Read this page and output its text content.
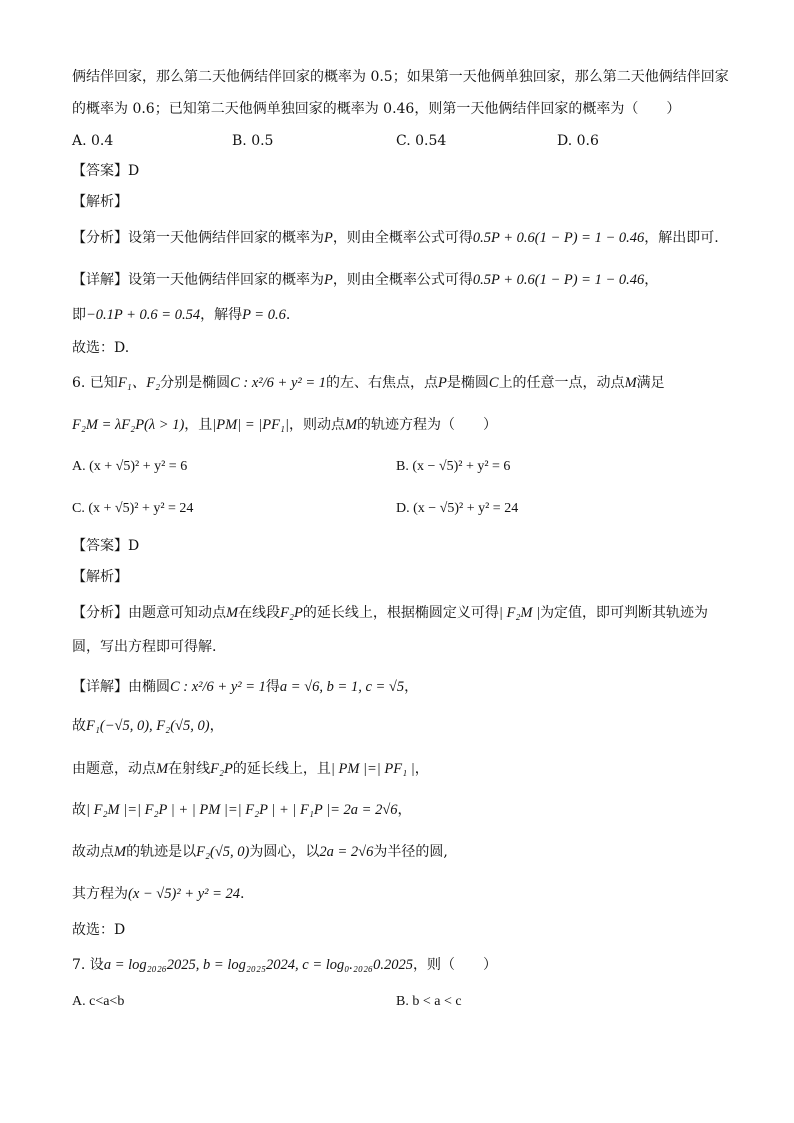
俩结伴回家，那么第二天他俩结伴回家的概率为 0.5；如果第一天他俩单独回家，那么第二天他俩结伴回家
的概率为 0.6；已知第二天他俩单独回家的概率为 0.46，则第一天他俩结伴回家的概率为（　　）
A. 0.4	B. 0.5	C. 0.54	D. 0.6
【答案】D
【解析】
【分析】设第一天他俩结伴回家的概率为P，则由全概率公式可得0.5P + 0.6(1 − P) = 1 − 0.46，解出即可.
【详解】设第一天他俩结伴回家的概率为P，则由全概率公式可得0.5P + 0.6(1 − P) = 1 − 0.46，
即−0.1P + 0.6 = 0.54，解得P = 0.6.
故选：D.
6. 已知F₁、F₂分别是椭圆C : x²/6 + y² = 1的左、右焦点，点P是椭圆C上的任意一点，动点M满足
F₂M = λF₂P(λ > 1)，且|PM| = |PF₁|，则动点M的轨迹方程为（　　）
A. (x + √5)² + y² = 6	B. (x − √5)² + y² = 6
C. (x + √5)² + y² = 24	D. (x − √5)² + y² = 24
【答案】D
【解析】
【分析】由题意可知动点M在线段F₂P的延长线上，根据椭圆定义可得| F₂M |为定值，即可判断其轨迹为
圆，写出方程即可得解.
【详解】由椭圆C : x²/6 + y² = 1得a = √6, b = 1, c = √5，
故F₁(−√5, 0), F₂(√5, 0)，
由题意，动点M在射线F₂P的延长线上，且| PM |=| PF₁ |，
故| F₂M |=| F₂P | + | PM |=| F₂P | + | F₁P |= 2a = 2√6，
故动点M的轨迹是以F₂(√5, 0)为圆心，以2a = 2√6为半径的圆,
其方程为(x − √5)² + y² = 24.
故选：D
7. 设a = log₂₀₂₆2025, b = log₂₀₂₅2024, c = log₀.₂₀₂₆0.2025，则（　　）
A. c<a<b	B. b < a < c
